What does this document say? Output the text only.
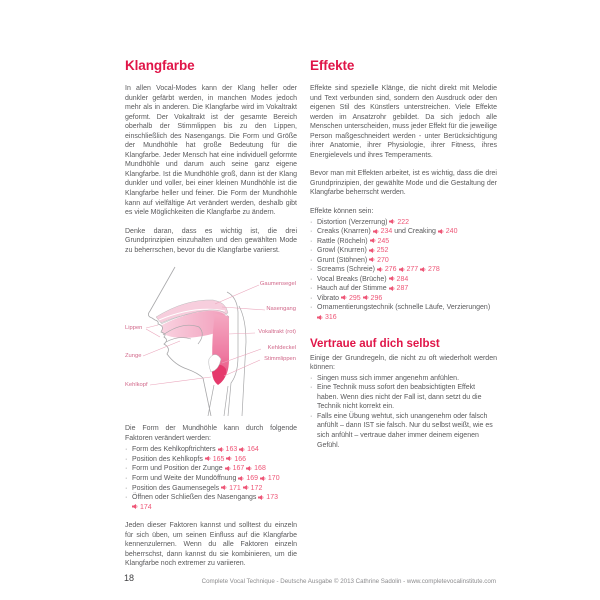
Klangfarbe

In allen Vocal-Modes kann der Klang heller oder dunkler gefärbt werden, in manchen Modes jedoch mehr als in anderen. Die Klangfarbe wird im Vokaltrakt geformt. Der Vokaltrakt ist der gesamte Bereich oberhalb der Stimmlippen bis zu den Lippen, einschließlich des Nasengangs. Die Form und Größe der Mundhöhle hat große Bedeutung für die Klangfarbe. Jeder Mensch hat eine individuell geformte Mundhöhle und darum auch seine ganz eigene Klangfarbe. Ist die Mundhöhle groß, dann ist der Klang dunkler und voller, bei einer kleinen Mundhöhle ist die Klangfarbe heller und feiner. Die Form der Mundhöhle kann auf vielfältige Art verändert werden, deshalb gibt es viele Möglichkeiten die Klangfarbe zu ändern.

Denke daran, dass es wichtig ist, die drei Grundprinzipien einzuhalten und den gewählten Mode zu beherrschen, bevor du die Klangfarbe variierst.

Gaumensegel
Nasengang
Vokaltrakt (rot)
Kehldeckel
Stimmlippen
Lippen
Zunge
Kehlkopf

Die Form der Mundhöhle kann durch folgende Faktoren verändert werden:

· Form des Kehlkopftrichters  163 164
· Position des Kehlkopfs  165 166
· Form und Position der Zunge  167 168
· Form und Weite der Mundöffnung  169 170
· Position des Gaumensegels  171 172
· Öffnen oder Schließen des Nasengangs  173  174

Jeden dieser Faktoren kannst und solltest du einzeln für sich üben, um seinen Einfluss auf die Klangfarbe kennenzulernen. Wenn du alle Faktoren einzeln beherrschst, dann kannst du sie kombinieren, um die Klangfarbe noch extremer zu variieren.

Effekte

Effekte sind spezielle Klänge, die nicht direkt mit Melodie und Text verbunden sind, sondern den Ausdruck oder den eigenen Stil des Künstlers unterstreichen. Viele Effekte werden im Ansatzrohr gebildet. Da sich jedoch alle Menschen unterscheiden, muss jeder Effekt für die jeweilige Person maßgeschneidert werden - unter Berücksichtigung ihrer Anatomie, ihrer Physiologie, ihrer Fitness, ihres Energielevels und ihres Temperaments.

Bevor man mit Effekten arbeitet, ist es wichtig, dass die drei Grundprinzipien, der gewählte Mode und die Gestaltung der Klangfarbe beherrscht werden.

Effekte können sein:

· Distortion (Verzerrung)  222
· Creaks (Knarren)  234 und Creaking  240
· Rattle (Röcheln)  245
· Growl (Knurren)  252
· Grunt (Stöhnen)  270
· Screams (Schreie)  276 277 278
· Vocal Breaks (Brüche)  284
· Hauch auf der Stimme  287
· Vibrato  295 296
· Ornamentierungstechnik (schnelle Läufe, Verzierungen)  316
Vertraue auf dich selbst

Einige der Grundregeln, die nicht zu oft wiederholt werden können:

· Singen muss sich immer angenehm anfühlen.
· Eine Technik muss sofort den beabsichtigten Effekt haben. Wenn dies nicht der Fall ist, dann setzt du die Technik nicht korrekt ein.
· Falls eine Übung wehtut, sich unangenehm oder falsch anfühlt – dann IST sie falsch. Nur du selbst weißt, wie es sich anfühlt – vertraue daher immer deinem eigenen Gefühl.
18	Complete Vocal Technique - Deutsche Ausgabe © 2013 Cathrine Sadolin - www.completevocalinstitute.com
